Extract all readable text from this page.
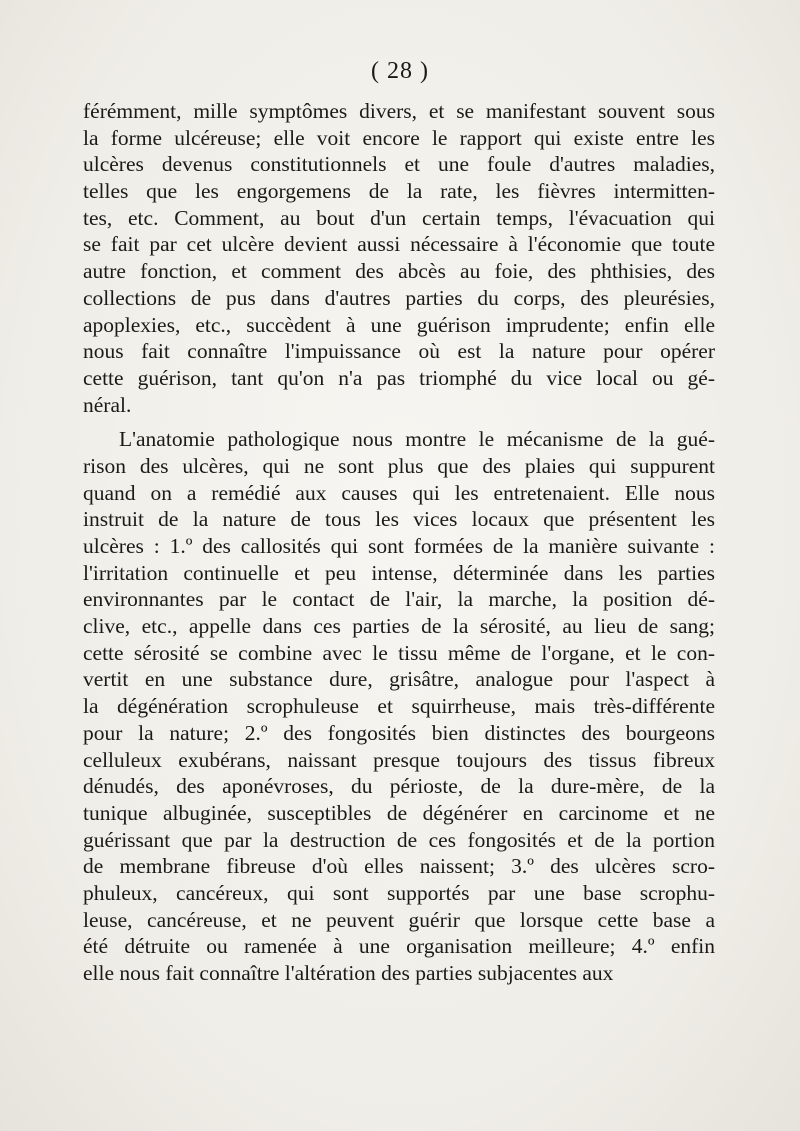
( 28 )
férémment, mille symptômes divers, et se manifestant souvent sous
la forme ulcéreuse; elle voit encore le rapport qui existe entre les
ulcères devenus constitutionnels et une foule d'autres maladies,
telles que les engorgemens de la rate, les fièvres intermitten-
tes, etc. Comment, au bout d'un certain temps, l'évacuation qui
se fait par cet ulcère devient aussi nécessaire à l'économie que toute
autre fonction, et comment des abcès au foie, des phthisies, des
collections de pus dans d'autres parties du corps, des pleurésies,
apoplexies, etc., succèdent à une guérison imprudente; enfin elle
nous fait connaître l'impuissance où est la nature pour opérer
cette guérison, tant qu'on n'a pas triomphé du vice local ou gé-
néral.
L'anatomie pathologique nous montre le mécanisme de la gué-
rison des ulcères, qui ne sont plus que des plaies qui suppurent
quand on a remédié aux causes qui les entretenaient. Elle nous
instruit de la nature de tous les vices locaux que présentent les
ulcères : 1.º des callosités qui sont formées de la manière suivante :
l'irritation continuelle et peu intense, déterminée dans les parties
environnantes par le contact de l'air, la marche, la position dé-
clive, etc., appelle dans ces parties de la sérosité, au lieu de sang;
cette sérosité se combine avec le tissu même de l'organe, et le con-
vertit en une substance dure, grisâtre, analogue pour l'aspect à
la dégénération scrophuleuse et squirrheuse, mais très-différente
pour la nature; 2.º des fongosités bien distinctes des bourgeons
celluleux exubérans, naissant presque toujours des tissus fibreux
dénudés, des aponévroses, du périoste, de la dure-mère, de la
tunique albuginée, susceptibles de dégénérer en carcinome et ne
guérissant que par la destruction de ces fongosités et de la portion
de membrane fibreuse d'où elles naissent; 3.º des ulcères scro-
phuleux, cancéreux, qui sont supportés par une base scrophu-
leuse, cancéreuse, et ne peuvent guérir que lorsque cette base a
été détruite ou ramenée à une organisation meilleure; 4.º enfin
elle nous fait connaître l'altération des parties subjacentes aux
